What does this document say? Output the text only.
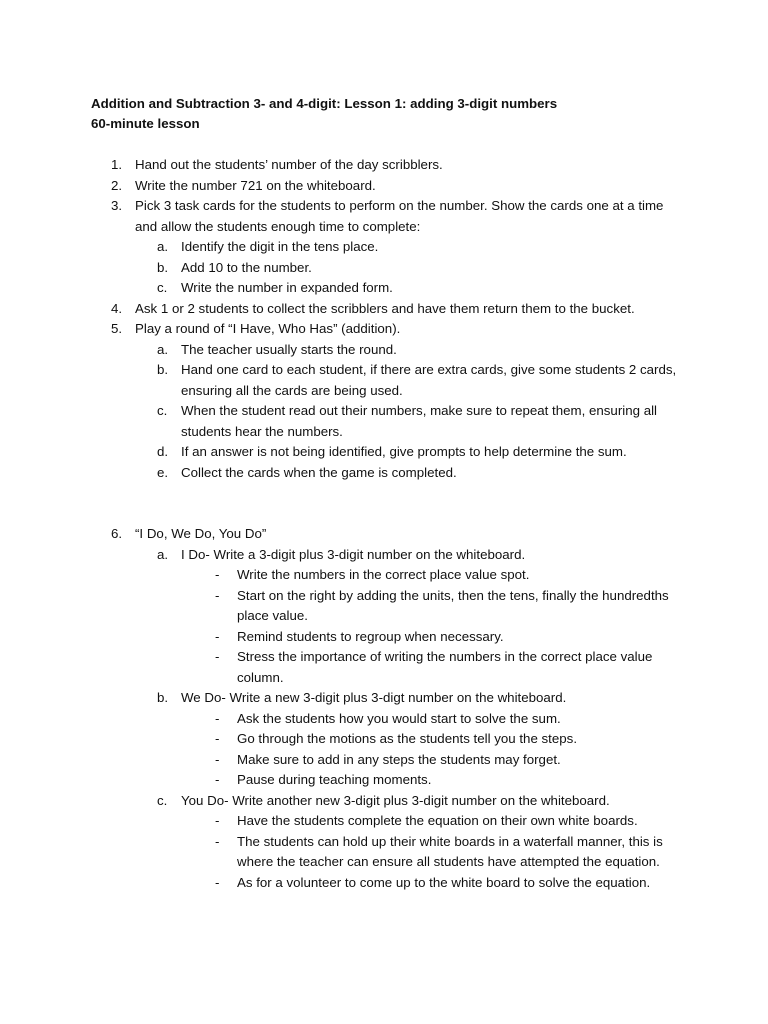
Addition and Subtraction 3- and 4-digit: Lesson 1: adding 3-digit numbers
60-minute lesson
1. Hand out the students’ number of the day scribblers.
2. Write the number 721 on the whiteboard.
3. Pick 3 task cards for the students to perform on the number. Show the cards one at a time and allow the students enough time to complete:
a. Identify the digit in the tens place.
b. Add 10 to the number.
c. Write the number in expanded form.
4. Ask 1 or 2 students to collect the scribblers and have them return them to the bucket.
5. Play a round of “I Have, Who Has” (addition).
a. The teacher usually starts the round.
b. Hand one card to each student, if there are extra cards, give some students 2 cards, ensuring all the cards are being used.
c. When the student read out their numbers, make sure to repeat them, ensuring all students hear the numbers.
d. If an answer is not being identified, give prompts to help determine the sum.
e. Collect the cards when the game is completed.
6. “I Do, We Do, You Do”
a. I Do- Write a 3-digit plus 3-digit number on the whiteboard.
- Write the numbers in the correct place value spot.
- Start on the right by adding the units, then the tens, finally the hundredths place value.
- Remind students to regroup when necessary.
- Stress the importance of writing the numbers in the correct place value column.
b. We Do- Write a new 3-digit plus 3-digt number on the whiteboard.
- Ask the students how you would start to solve the sum.
- Go through the motions as the students tell you the steps.
- Make sure to add in any steps the students may forget.
- Pause during teaching moments.
c. You Do- Write another new 3-digit plus 3-digit number on the whiteboard.
- Have the students complete the equation on their own white boards.
- The students can hold up their white boards in a waterfall manner, this is where the teacher can ensure all students have attempted the equation.
- As for a volunteer to come up to the white board to solve the equation.
